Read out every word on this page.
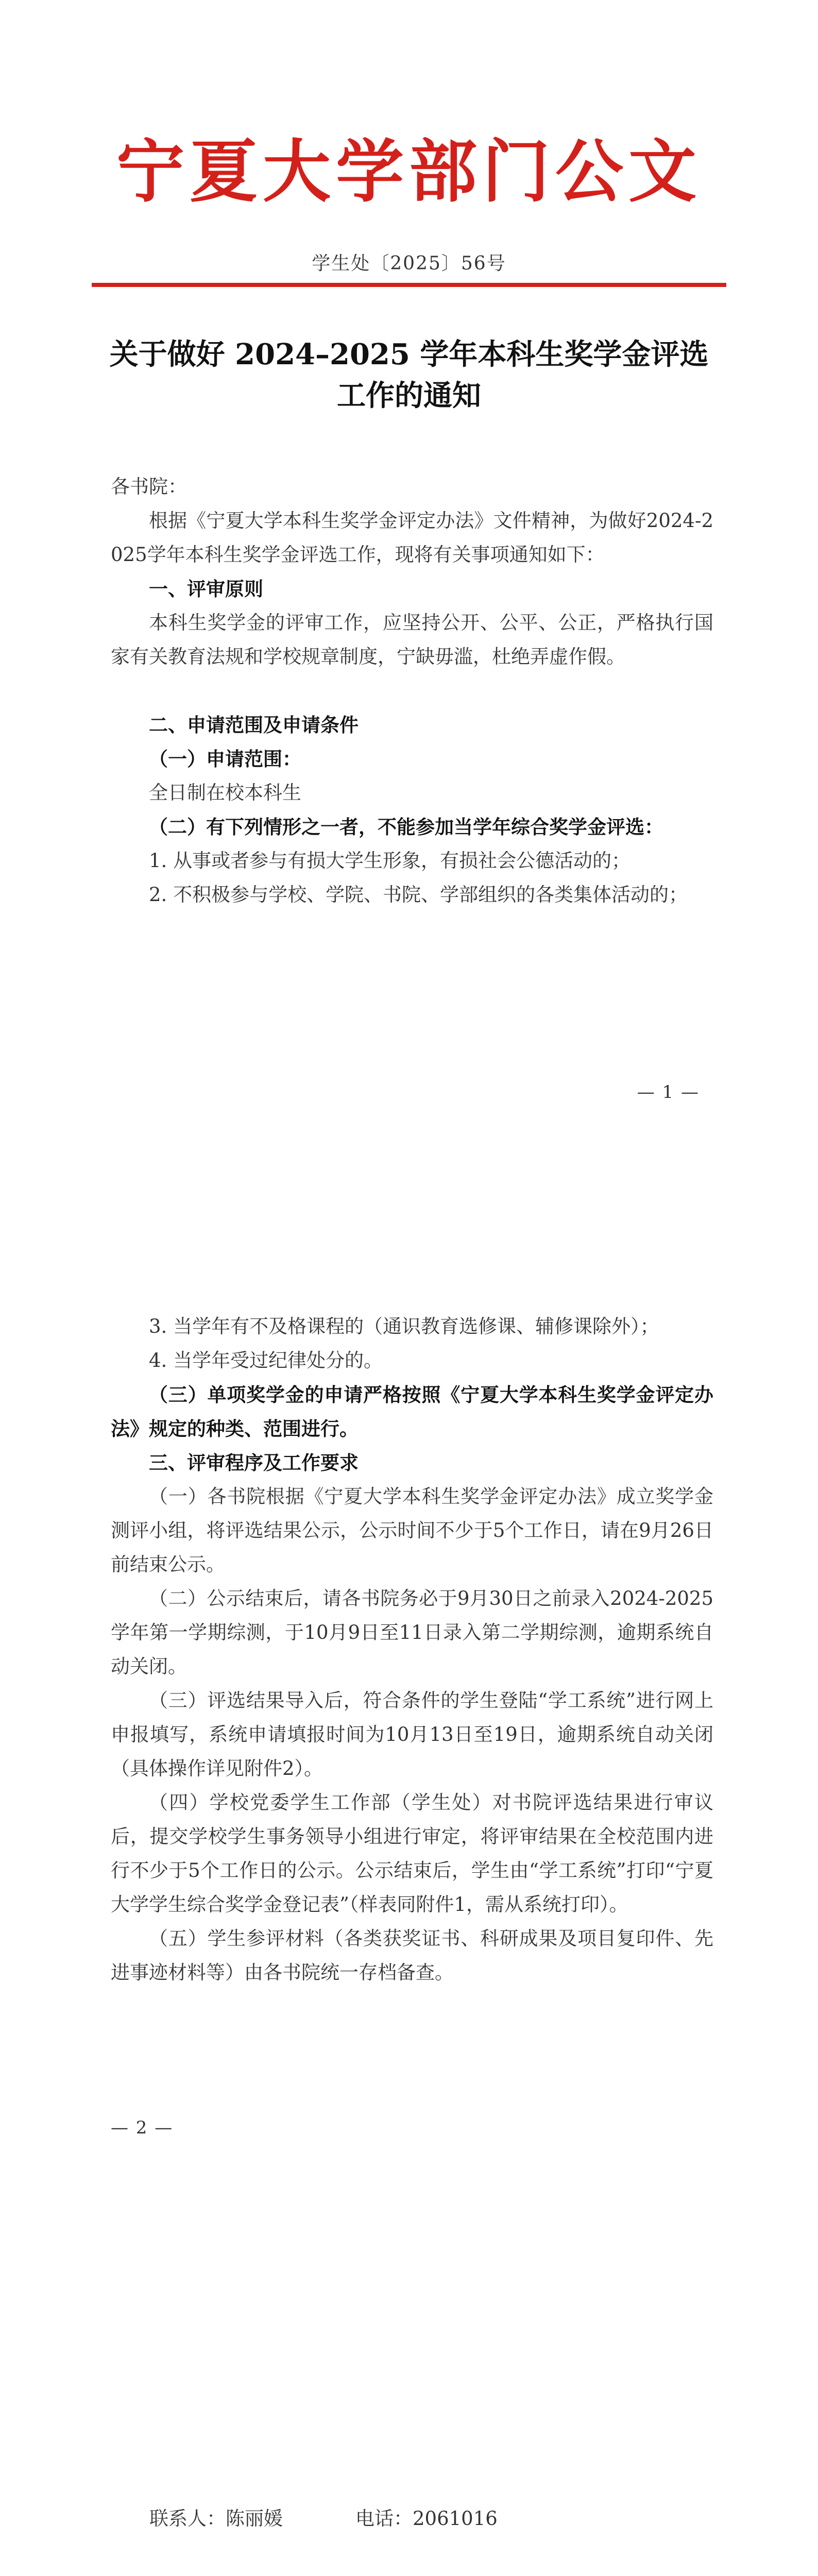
宁夏大学部门公文
学生处〔2025〕56号
关于做好 2024–2025 学年本科生奖学金评选
工作的通知
各书院：
根据《宁夏大学本科生奖学金评定办法》文件精神，为做好2024-2025学年本科生奖学金评选工作，现将有关事项通知如下：
一、评审原则
本科生奖学金的评审工作，应坚持公开、公平、公正，严格执行国家有关教育法规和学校规章制度，宁缺毋滥，杜绝弄虚作假。
二、申请范围及申请条件
（一）申请范围：
全日制在校本科生
（二）有下列情形之一者，不能参加当学年综合奖学金评选：
1. 从事或者参与有损大学生形象，有损社会公德活动的；
2. 不积极参与学校、学院、书院、学部组织的各类集体活动的；
— 1 —
3. 当学年有不及格课程的（通识教育选修课、辅修课除外）；
4. 当学年受过纪律处分的。
（三）单项奖学金的申请严格按照《宁夏大学本科生奖学金评定办法》规定的种类、范围进行。
三、评审程序及工作要求
（一）各书院根据《宁夏大学本科生奖学金评定办法》成立奖学金测评小组，将评选结果公示，公示时间不少于5个工作日，请在9月26日前结束公示。
（二）公示结束后，请各书院务必于9月30日之前录入2024-2025学年第一学期综测，于10月9日至11日录入第二学期综测，逾期系统自动关闭。
（三）评选结果导入后，符合条件的学生登陆“学工系统”进行网上申报填写，系统申请填报时间为10月13日至19日，逾期系统自动关闭（具体操作详见附件2）。
（四）学校党委学生工作部（学生处）对书院评选结果进行审议后，提交学校学生事务领导小组进行审定，将评审结果在全校范围内进行不少于5个工作日的公示。公示结束后，学生由“学工系统”打印“宁夏大学学生综合奖学金登记表”（样表同附件1，需从系统打印）。
（五）学生参评材料（各类获奖证书、科研成果及项目复印件、先进事迹材料等）由各书院统一存档备查。
— 2 —
联系人：陈丽媛	电话：2061016
